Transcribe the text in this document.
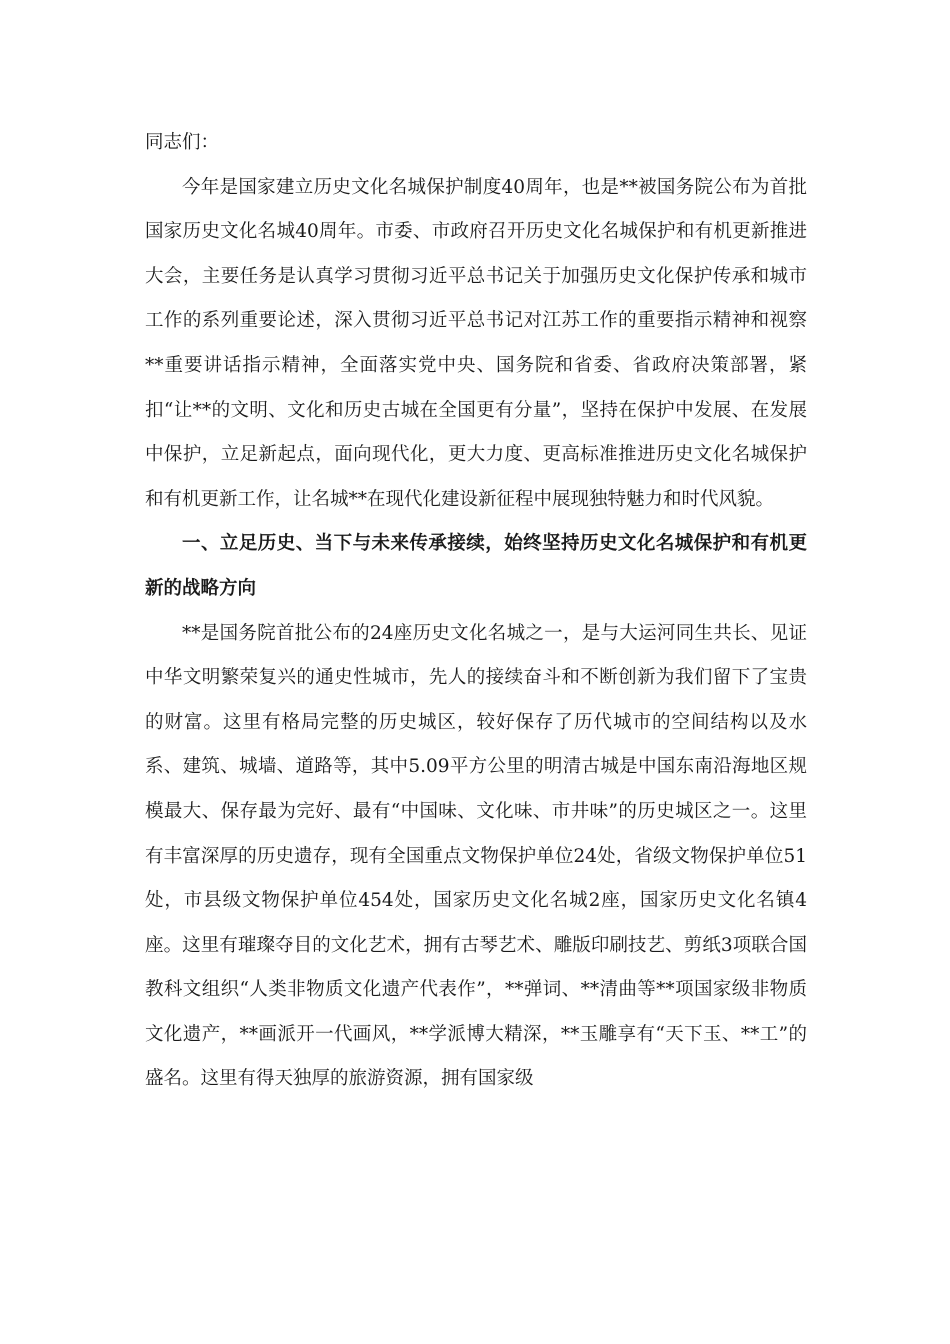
同志们：

今年是国家建立历史文化名城保护制度40周年，也是**被国务院公布为首批国家历史文化名城40周年。市委、市政府召开历史文化名城保护和有机更新推进大会，主要任务是认真学习贯彻习近平总书记关于加强历史文化保护传承和城市工作的系列重要论述，深入贯彻习近平总书记对江苏工作的重要指示精神和视察**重要讲话指示精神，全面落实党中央、国务院和省委、省政府决策部署，紧扣“让**的文明、文化和历史古城在全国更有分量”，坚持在保护中发展、在发展中保护，立足新起点，面向现代化，更大力度、更高标准推进历史文化名城保护和有机更新工作，让名城**在现代化建设新征程中展现独特魅力和时代风貌。

一、立足历史、当下与未来传承接续，始终坚持历史文化名城保护和有机更新的战略方向

**是国务院首批公布的24座历史文化名城之一，是与大运河同生共长、见证中华文明繁荣复兴的通史性城市，先人的接续奋斗和不断创新为我们留下了宝贵的财富。这里有格局完整的历史城区，较好保存了历代城市的空间结构以及水系、建筑、城墙、道路等，其中5.09平方公里的明清古城是中国东南沿海地区规模最大、保存最为完好、最有“中国味、文化味、市井味”的历史城区之一。这里有丰富深厚的历史遗存，现有全国重点文物保护单位24处，省级文物保护单位51处，市县级文物保护单位454处，国家历史文化名城2座，国家历史文化名镇4座。这里有璀璨夺目的文化艺术，拥有古琴艺术、雕版印刷技艺、剪纸3项联合国教科文组织“人类非物质文化遗产代表作”，**弹词、**清曲等**项国家级非物质文化遗产，**画派开一代画风，**学派博大精深，**玉雕享有“天下玉、**工”的盛名。这里有得天独厚的旅游资源，拥有国家级
